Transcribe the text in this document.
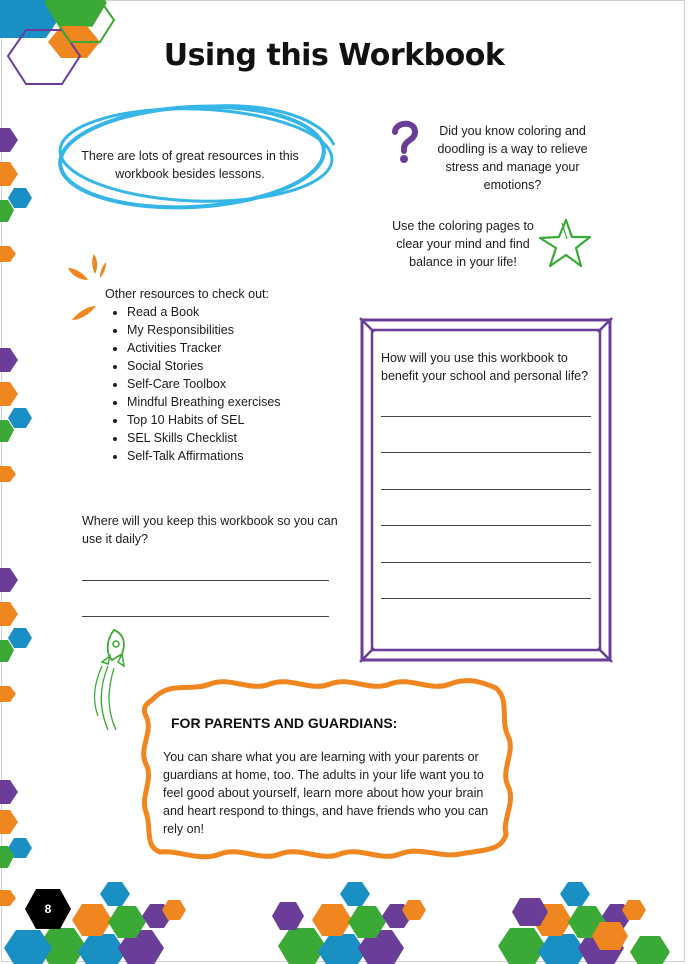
Using this Workbook
There are lots of great resources in this
workbook besides lessons.
Did you know coloring and
doodling is a way to relieve
stress and manage your
emotions?
Use the coloring pages to
clear your mind and find
balance in your life!
Other resources to check out:
• Read a Book
• My Responsibilities
• Activities Tracker
• Social Stories
• Self-Care Toolbox
• Mindful Breathing exercises
• Top 10 Habits of SEL
• SEL Skills Checklist
• Self-Talk Affirmations
How will you use this workbook to
benefit your school and personal life?
Where will you keep this workbook so you can
use it daily?
FOR PARENTS AND GUARDIANS:
You can share what you are learning with your parents or
guardians at home, too. The adults in your life want you to
feel good about yourself, learn more about how your brain
and heart respond to things, and have friends who you can
rely on!
8
